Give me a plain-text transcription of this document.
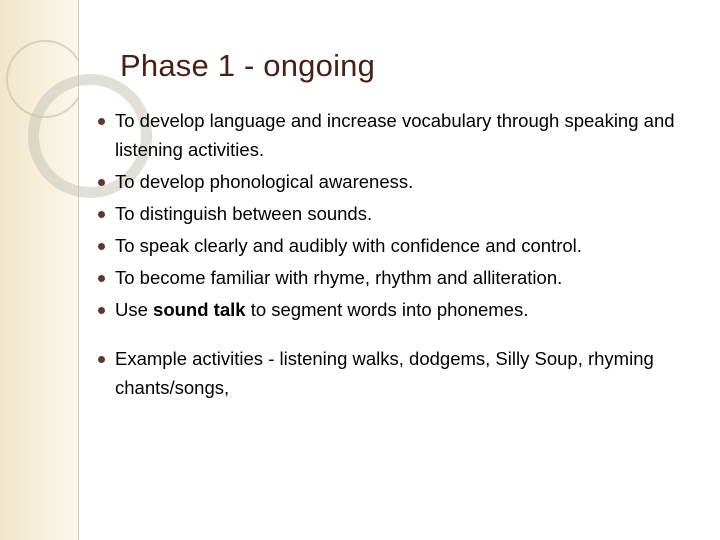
Phase 1 - ongoing
To develop language and increase vocabulary through speaking and listening activities.
To develop phonological awareness.
To distinguish between sounds.
To speak clearly and audibly with confidence and control.
To become familiar with rhyme, rhythm and alliteration.
Use sound talk to segment words into phonemes.
Example activities - listening walks, dodgems, Silly Soup, rhyming chants/songs,
